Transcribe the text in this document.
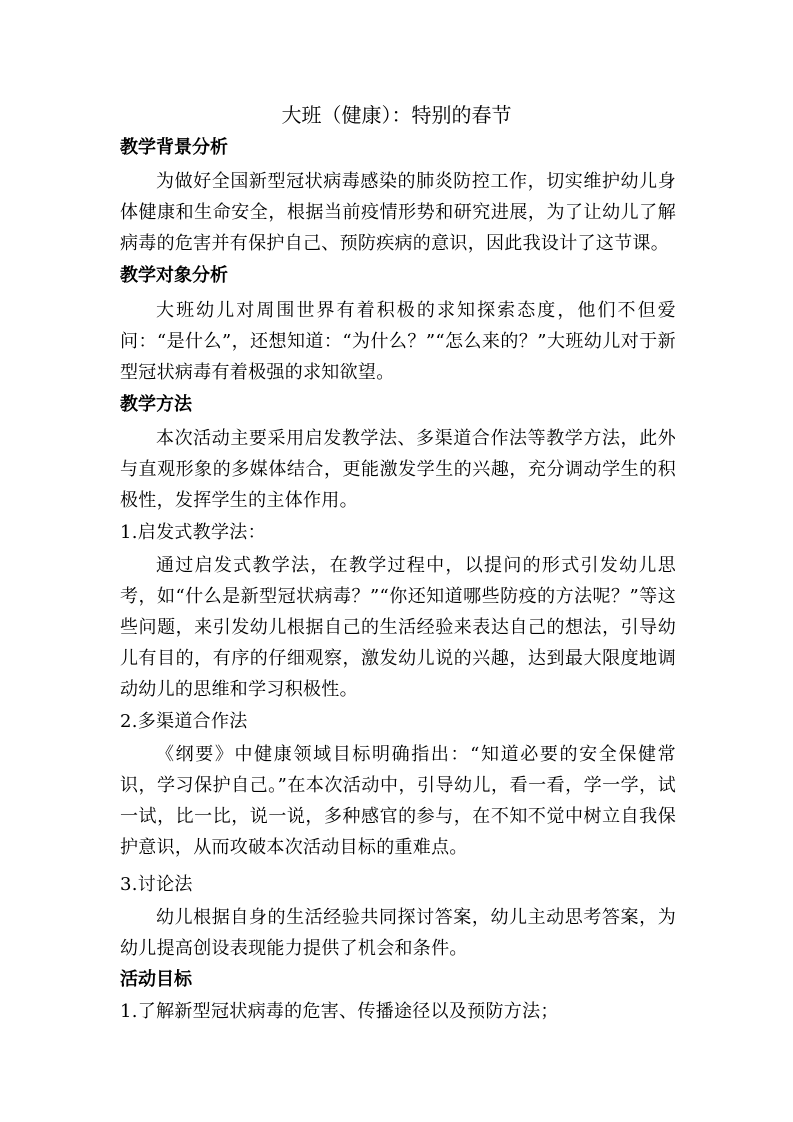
大班（健康）：特别的春节
教学背景分析
为做好全国新型冠状病毒感染的肺炎防控工作，切实维护幼儿身体健康和生命安全，根据当前疫情形势和研究进展，为了让幼儿了解病毒的危害并有保护自己、预防疾病的意识，因此我设计了这节课。
教学对象分析
大班幼儿对周围世界有着积极的求知探索态度，他们不但爱问：“是什么”，还想知道：“为什么？”“怎么来的？”大班幼儿对于新型冠状病毒有着极强的求知欲望。
教学方法
本次活动主要采用启发教学法、多渠道合作法等教学方法，此外与直观形象的多媒体结合，更能激发学生的兴趣，充分调动学生的积极性，发挥学生的主体作用。
1.启发式教学法：
通过启发式教学法，在教学过程中，以提问的形式引发幼儿思考，如“什么是新型冠状病毒？”“你还知道哪些防疫的方法呢？”等这些问题，来引发幼儿根据自己的生活经验来表达自己的想法，引导幼儿有目的，有序的仔细观察，激发幼儿说的兴趣，达到最大限度地调动幼儿的思维和学习积极性。
2.多渠道合作法
《纲要》中健康领域目标明确指出：“知道必要的安全保健常识，学习保护自己。”在本次活动中，引导幼儿，看一看，学一学，试一试，比一比，说一说，多种感官的参与，在不知不觉中树立自我保护意识，从而攻破本次活动目标的重难点。
3.讨论法
幼儿根据自身的生活经验共同探讨答案，幼儿主动思考答案，为幼儿提高创设表现能力提供了机会和条件。
活动目标
1.了解新型冠状病毒的危害、传播途径以及预防方法；
